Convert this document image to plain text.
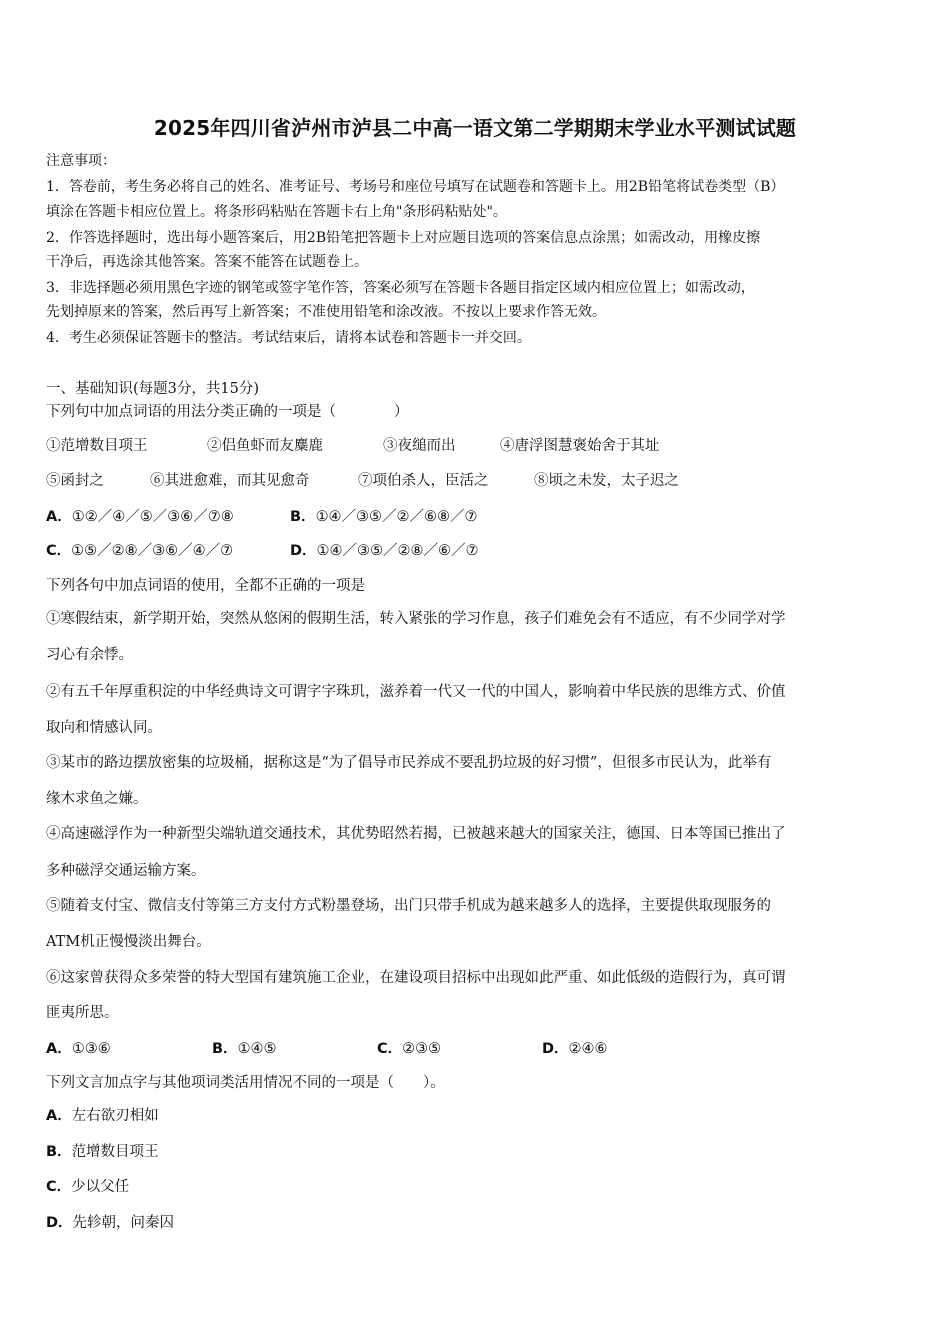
2025年四川省泸州市泸县二中高一语文第二学期期末学业水平测试试题
注意事项：
1．答卷前，考生务必将自己的姓名、准考证号、考场号和座位号填写在试题卷和答题卡上。用2B铅笔将试卷类型（B）
填涂在答题卡相应位置上。将条形码粘贴在答题卡右上角"条形码粘贴处"。
2．作答选择题时，选出每小题答案后，用2B铅笔把答题卡上对应题目选项的答案信息点涂黑；如需改动，用橡皮擦
干净后，再选涂其他答案。答案不能答在试题卷上。
3．非选择题必须用黑色字迹的钢笔或签字笔作答，答案必须写在答题卡各题目指定区域内相应位置上；如需改动，
先划掉原来的答案，然后再写上新答案；不准使用铅笔和涂改液。不按以上要求作答无效。
4．考生必须保证答题卡的整洁。考试结束后，请将本试卷和答题卡一并交回。
一、基础知识(每题3分，共15分)
下列句中加点词语的用法分类正确的一项是（　　　　）
①范增数目项王	②侣鱼虾而友麋鹿	③夜缒而出	④唐浮图慧褒始舍于其址
⑤函封之	⑥其进愈难，而其见愈奇	⑦项伯杀人，臣活之	⑧顷之未发，太子迟之
A．①②／④／⑤／③⑥／⑦⑧	B．①④／③⑤／②／⑥⑧／⑦
C．①⑤／②⑧／③⑥／④／⑦	D．①④／③⑤／②⑧／⑥／⑦
下列各句中加点词语的使用，全都不正确的一项是
①寒假结束，新学期开始，突然从悠闲的假期生活，转入紧张的学习作息，孩子们难免会有不适应，有不少同学对学
习心有余悸。
②有五千年厚重积淀的中华经典诗文可谓字字珠玑，滋养着一代又一代的中国人，影响着中华民族的思维方式、价值
取向和情感认同。
③某市的路边摆放密集的垃圾桶，据称这是“为了倡导市民养成不要乱扔垃圾的好习惯”，但很多市民认为，此举有
缘木求鱼之嫌。
④高速磁浮作为一种新型尖端轨道交通技术，其优势昭然若揭，已被越来越大的国家关注，德国、日本等国已推出了
多种磁浮交通运输方案。
⑤随着支付宝、微信支付等第三方支付方式粉墨登场，出门只带手机成为越来越多人的选择，主要提供取现服务的
ATM机正慢慢淡出舞台。
⑥这家曾获得众多荣誉的特大型国有建筑施工企业，在建设项目招标中出现如此严重、如此低级的造假行为，真可谓
匪夷所思。
A．①③⑥	B．①④⑤	C．②③⑤	D．②④⑥
下列文言加点字与其他项词类活用情况不同的一项是（　　）。
A．左右欲刃相如
B．范增数目项王
C．少以父任
D．先轸朝，问秦囚
